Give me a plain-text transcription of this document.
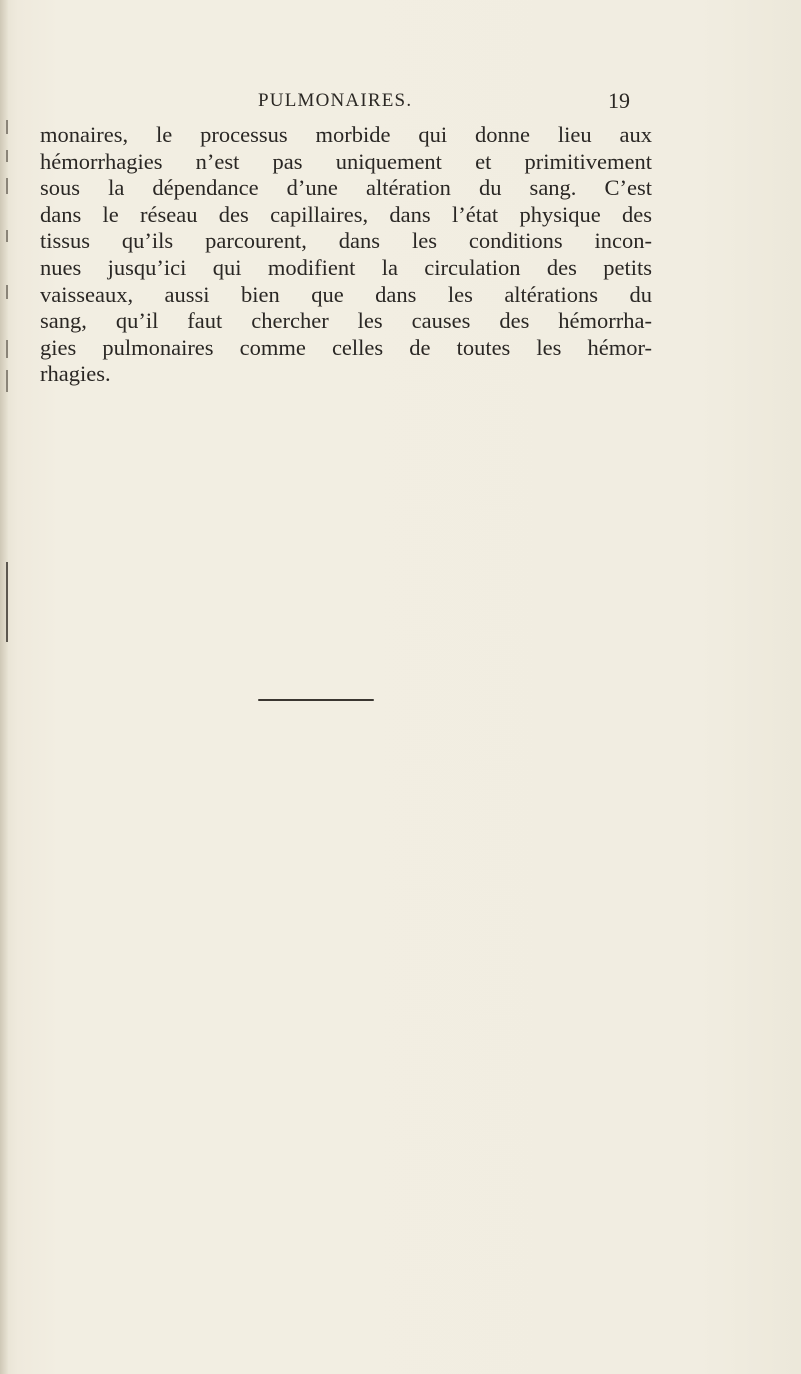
PULMONAIRES.	19
monaires, le processus morbide qui donne lieu aux
hémorrhagies n’est pas uniquement et primitivement
sous la dépendance d’une altération du sang. C’est
dans le réseau des capillaires, dans l’état physique des
tissus qu’ils parcourent, dans les conditions incon-
nues jusqu’ici qui modifient la circulation des petits
vaisseaux, aussi bien que dans les altérations du
sang, qu’il faut chercher les causes des hémorrha-
gies pulmonaires comme celles de toutes les hémor-
rhagies.
